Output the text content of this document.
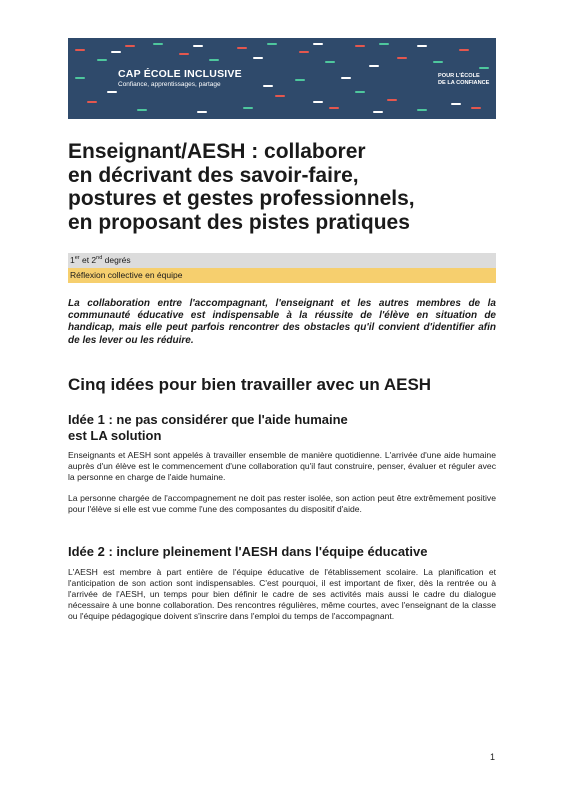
CAP ÉCOLE INCLUSIVE
Confiance, apprentissages, partage
POUR L'ÉCOLE
DE LA CONFIANCE
Enseignant/AESH : collaborer
en décrivant des savoir-faire,
postures et gestes professionnels,
en proposant des pistes pratiques
1er et 2nd degrés
Réflexion collective en équipe

La collaboration entre l'accompagnant, l'enseignant et les autres membres de la communauté éducative est indispensable à la réussite de l'élève en situation de handicap, mais elle peut parfois rencontrer des obstacles qu'il convient d'identifier afin de les lever ou les réduire.

Cinq idées pour bien travailler avec un AESH
Idée 1 : ne pas considérer que l'aide humaine
est LA solution

Enseignants et AESH sont appelés à travailler ensemble de manière quotidienne. L'arrivée d'une aide humaine auprès d'un élève est le commencement d'une collaboration qu'il faut construire, penser, évaluer et réguler avec la personne en charge de l'aide humaine.

La personne chargée de l'accompagnement ne doit pas rester isolée, son action peut être extrêmement positive pour l'élève si elle est vue comme l'une des composantes du dispositif d'aide.

Idée 2 : inclure pleinement l'AESH dans l'équipe éducative

L'AESH est membre à part entière de l'équipe éducative de l'établissement scolaire. La planification et l'anticipation de son action sont indispensables. C'est pourquoi, il est important de fixer, dès la rentrée ou à l'arrivée de l'AESH, un temps pour bien définir le cadre de ses activités mais aussi le cadre du dialogue nécessaire à une bonne collaboration. Des rencontres régulières, même courtes, avec l'enseignant de la classe ou l'équipe pédagogique doivent s'inscrire dans l'emploi du temps de l'accompagnant.

1
